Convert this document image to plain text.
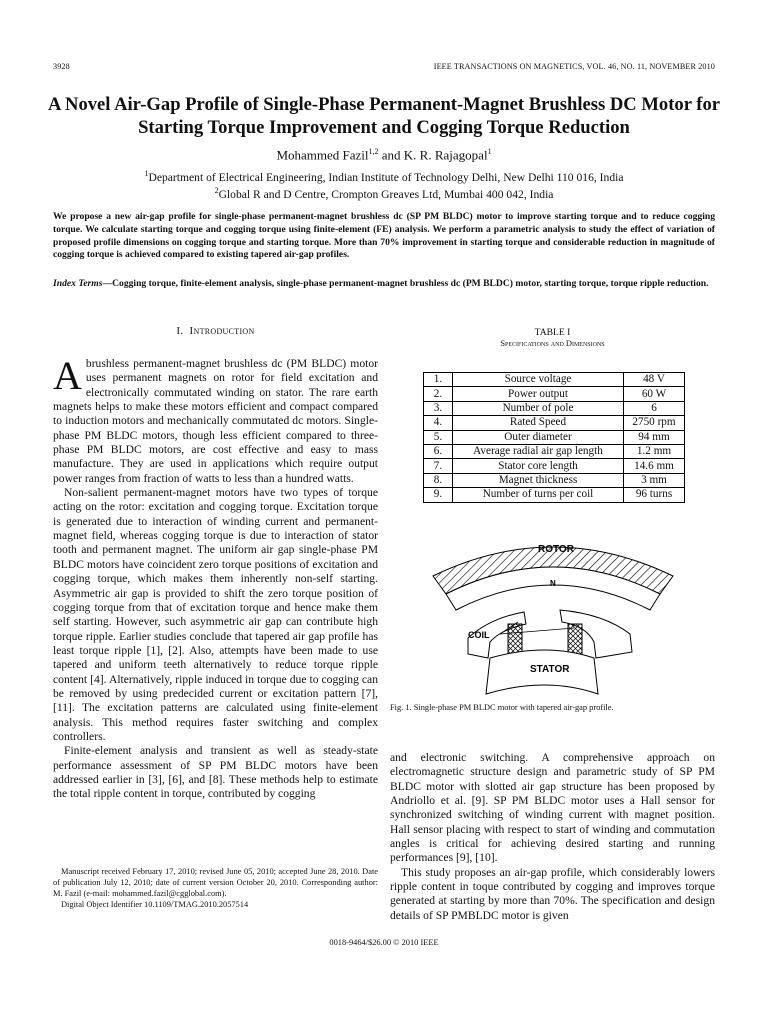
3928	IEEE TRANSACTIONS ON MAGNETICS, VOL. 46, NO. 11, NOVEMBER 2010
A Novel Air-Gap Profile of Single-Phase Permanent-Magnet Brushless DC Motor for Starting Torque Improvement and Cogging Torque Reduction
Mohammed Fazil$^{1,2}$ and K. R. Rajagopal$^1$
$^1$Department of Electrical Engineering, Indian Institute of Technology Delhi, New Delhi 110 016, India
$^2$Global R and D Centre, Crompton Greaves Ltd, Mumbai 400 042, India
We propose a new air-gap profile for single-phase permanent-magnet brushless dc (SP PM BLDC) motor to improve starting torque and to reduce cogging torque. We calculate starting torque and cogging torque using finite-element (FE) analysis. We perform a parametric analysis to study the effect of variation of proposed profile dimensions on cogging torque and starting torque. More than 70% improvement in starting torque and considerable reduction in magnitude of cogging torque is achieved compared to existing tapered air-gap profiles.
Index Terms—Cogging torque, finite-element analysis, single-phase permanent-magnet brushless dc (PM BLDC) motor, starting torque, torque ripple reduction.
I. Introduction

Abrushless permanent-magnet brushless dc (PM BLDC) motor uses permanent magnets on rotor for field excitation and electronically commutated winding on stator. The rare earth magnets helps to make these motors efficient and compact compared to induction motors and mechanically commutated dc motors. Single-phase PM BLDC motors, though less efficient compared to three-phase PM BLDC motors, are cost effective and easy to mass manufacture. They are used in applications which require output power ranges from fraction of watts to less than a hundred watts.

Non-salient permanent-magnet motors have two types of torque acting on the rotor: excitation and cogging torque. Excitation torque is generated due to interaction of winding current and permanent-magnet field, whereas cogging torque is due to interaction of stator tooth and permanent magnet. The uniform air gap single-phase PM BLDC motors have coincident zero torque positions of excitation and cogging torque, which makes them inherently non-self starting. Asymmetric air gap is provided to shift the zero torque position of cogging torque from that of excitation torque and hence make them self starting. However, such asymmetric air gap can contribute high torque ripple. Earlier studies conclude that tapered air gap profile has least torque ripple [1], [2]. Also, attempts have been made to use tapered and uniform teeth alternatively to reduce torque ripple content [4]. Alternatively, ripple induced in torque due to cogging can be removed by using predecided current or excitation pattern [7], [11]. The excitation patterns are calculated using finite-element analysis. This method requires faster switching and complex controllers.

Finite-element analysis and transient as well as steady-state performance assessment of SP PM BLDC motors have been addressed earlier in [3], [6], and [8]. These methods help to estimate the total ripple content in torque, contributed by cogging

Manuscript received February 17, 2010; revised June 05, 2010; accepted June 28, 2010. Date of publication July 12, 2010; date of current version October 20, 2010. Corresponding author: M. Fazil (e-mail: mohammed.fazil@cgglobal.com).

Digital Object Identifier 10.1109/TMAG.2010.2057514

TABLE I
Specifications and Dimensions
1.	Source voltage	48 V
2.	Power output	60 W
3.	Number of pole	6
4.	Rated Speed	2750 rpm
5.	Outer diameter	94 mm
6.	Average radial air gap length	1.2 mm
7.	Stator core length	14.6 mm
8.	Magnet thickness	3 mm
9.	Number of turns per coil	96 turns
ROTOR
N
COIL
STATOR
Fig. 1. Single-phase PM BLDC motor with tapered air-gap profile.

and electronic switching. A comprehensive approach on electromagnetic structure design and parametric study of SP PM BLDC motor with slotted air gap structure has been proposed by Andriollo et al. [9]. SP PM BLDC motor uses a Hall sensor for synchronized switching of winding current with magnet position. Hall sensor placing with respect to start of winding and commutation angles is critical for achieving desired starting and running performances [9], [10].

This study proposes an air-gap profile, which considerably lowers ripple content in toque contributed by cogging and improves torque generated at starting by more than 70%. The specification and design details of SP PMBLDC motor is given

0018-9464/$26.00 © 2010 IEEE
